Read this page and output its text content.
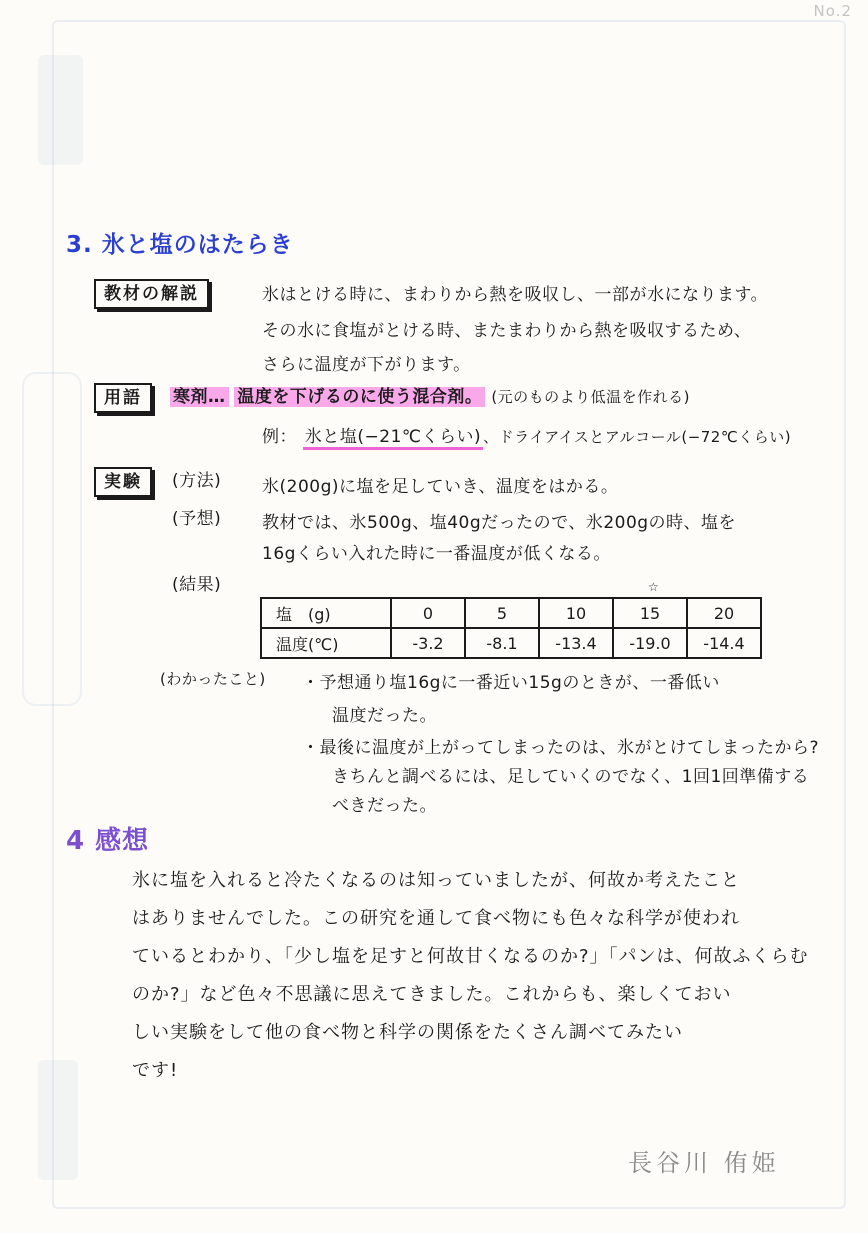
No.2
3. 氷と塩のはたらき
教材の解説	氷はとける時に、まわりから熱を吸収し、一部が水になります。
その水に食塩がとける時、またまわりから熱を吸収するため、
さらに温度が下がります。
用語	寒剤… 温度を下げるのに使う混合剤。 (元のものより低温を作れる)
例： 氷と塩(−21℃くらい) 、ドライアイスとアルコール(−72℃くらい)
実験	(方法) 氷(200g)に塩を足していき、温度をはかる。
(予想) 教材では、氷500g、塩40gだったので、氷200gの時、塩を
16gくらい入れた時に一番温度が低くなる。
(結果)	☆
塩　(g)	0	5	10	15	20
温度(℃)	-3.2	-8.1	-13.4	-19.0	-14.4
(わかったこと) ・予想通り塩16gに一番近い15gのときが、一番低い
温度だった。
・最後に温度が上がってしまったのは、氷がとけてしまったから?
きちんと調べるには、足していくのでなく、1回1回準備する
べきだった。
4 感想

氷に塩を入れると冷たくなるのは知っていましたが、何故か考えたこと

はありませんでした。この研究を通して食べ物にも色々な科学が使われ

ているとわかり、「少し塩を足すと何故甘くなるのか?」「パンは、何故ふくらむ

のか?」など色々不思議に思えてきました。これからも、楽しくておい

しい実験をして他の食べ物と科学の関係をたくさん調べてみたい

です!

長谷川 侑姫
